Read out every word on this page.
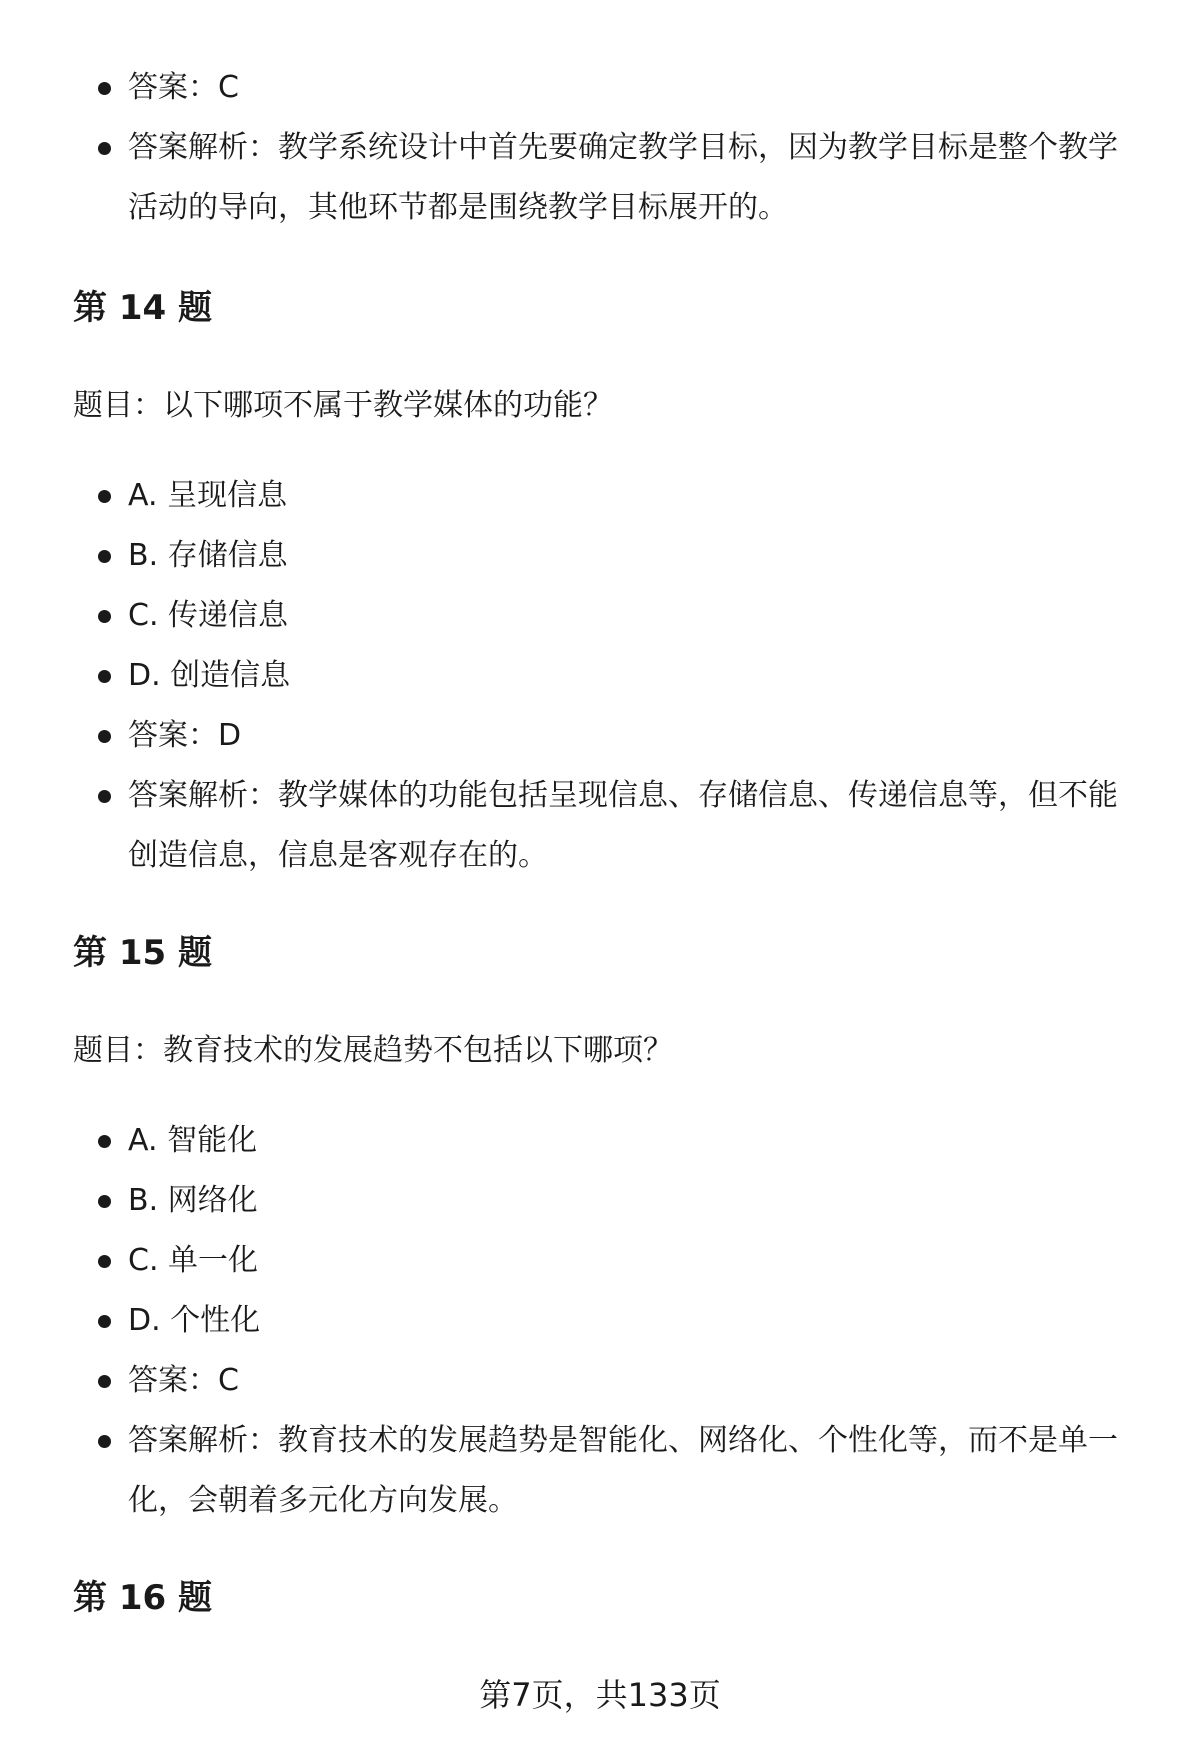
答案：C
答案解析：教学系统设计中首先要确定教学目标，因为教学目标是整个教学活动的导向，其他环节都是围绕教学目标展开的。
第 14 题

题目：以下哪项不属于教学媒体的功能？

A. 呈现信息
B. 存储信息
C. 传递信息
D. 创造信息
答案：D
答案解析：教学媒体的功能包括呈现信息、存储信息、传递信息等，但不能创造信息，信息是客观存在的。
第 15 题

题目：教育技术的发展趋势不包括以下哪项？

A. 智能化
B. 网络化
C. 单一化
D. 个性化
答案：C
答案解析：教育技术的发展趋势是智能化、网络化、个性化等，而不是单一化，会朝着多元化方向发展。
第 16 题
第7页，共133页
